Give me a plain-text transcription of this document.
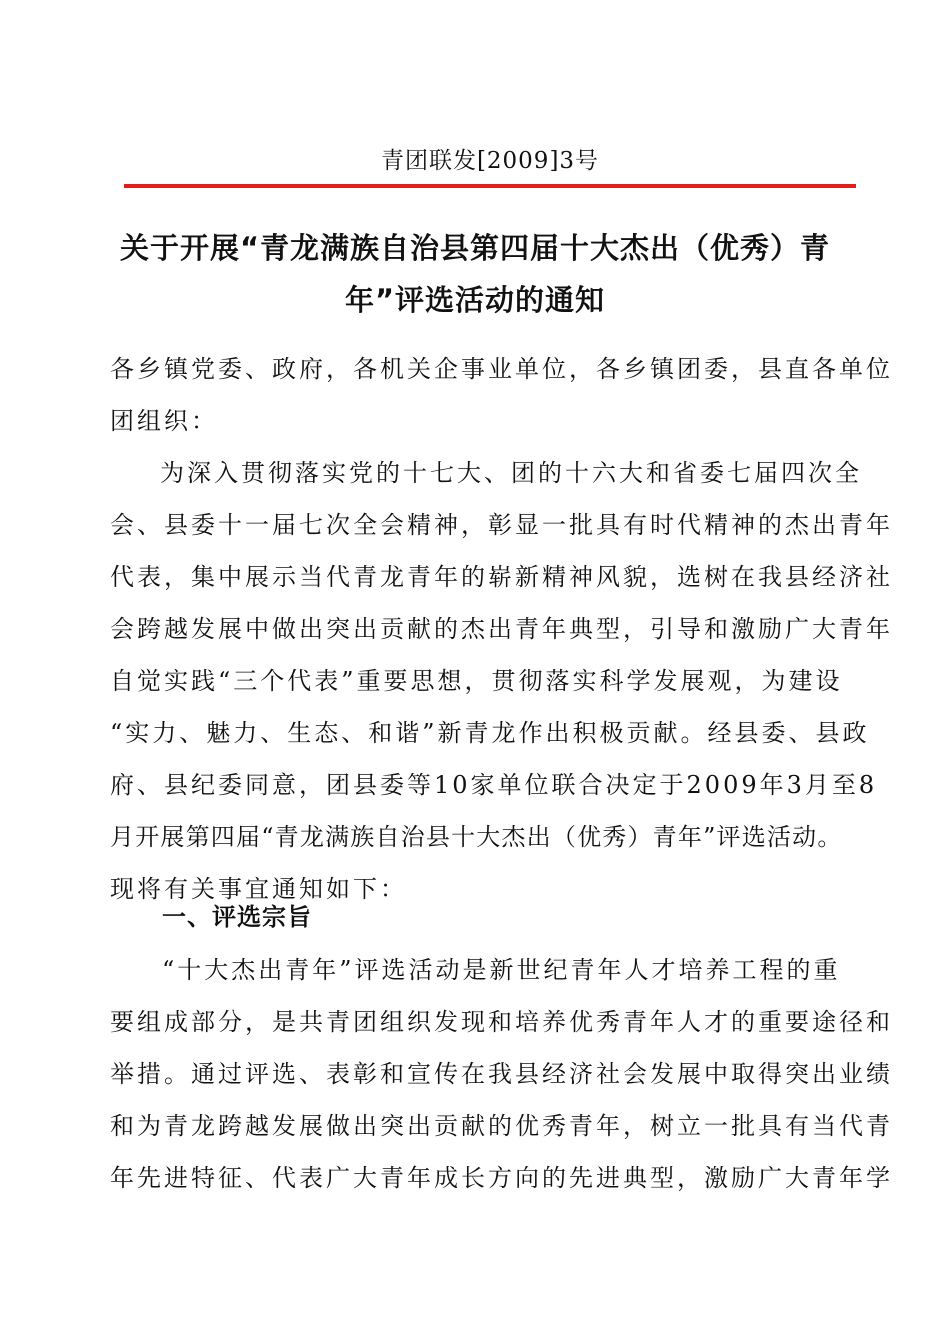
青团联发[2009]3号
关于开展“青龙满族自治县第四届十大杰出（优秀）青
年”评选活动的通知
各乡镇党委、政府，各机关企事业单位，各乡镇团委，县直各单位
团组织：
为深入贯彻落实党的十七大、团的十六大和省委七届四次全
会、县委十一届七次全会精神，彰显一批具有时代精神的杰出青年
代表，集中展示当代青龙青年的崭新精神风貌，选树在我县经济社
会跨越发展中做出突出贡献的杰出青年典型，引导和激励广大青年
自觉实践“三个代表”重要思想，贯彻落实科学发展观，为建设
“实力、魅力、生态、和谐”新青龙作出积极贡献。经县委、县政
府、县纪委同意，团县委等10家单位联合决定于2009年3月至8
月开展第四届“青龙满族自治县十大杰出（优秀）青年”评选活动。
现将有关事宜通知如下：
一、评选宗旨
“十大杰出青年”评选活动是新世纪青年人才培养工程的重
要组成部分，是共青团组织发现和培养优秀青年人才的重要途径和
举措。通过评选、表彰和宣传在我县经济社会发展中取得突出业绩
和为青龙跨越发展做出突出贡献的优秀青年，树立一批具有当代青
年先进特征、代表广大青年成长方向的先进典型，激励广大青年学
